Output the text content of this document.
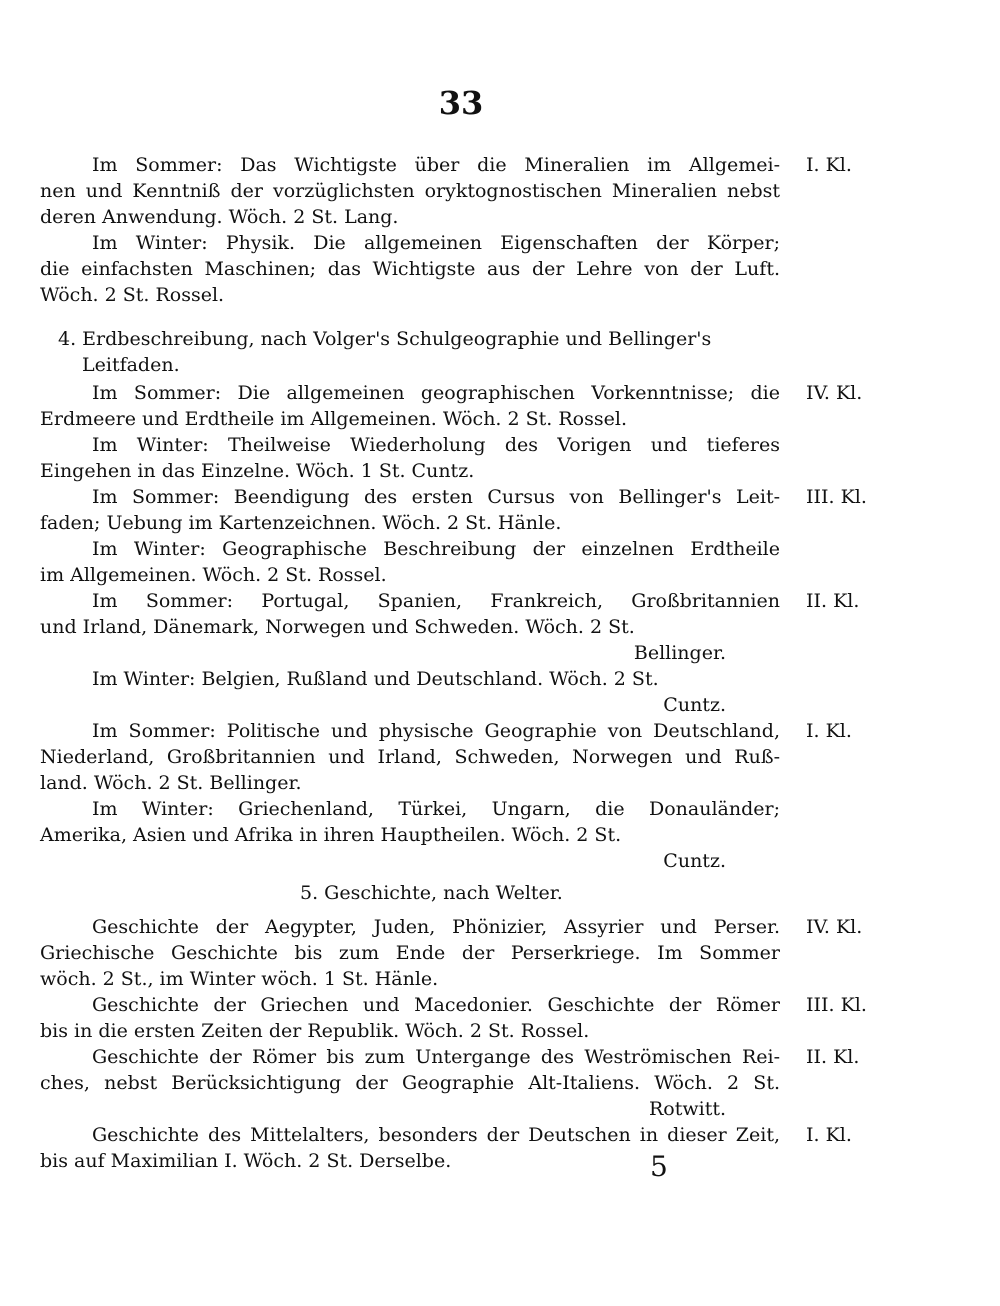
33
Im Sommer: Das Wichtigste über die Mineralien im Allgemei- I. Kl.
nen und Kenntniß der vorzüglichsten oryktognostischen Mineralien nebst
deren Anwendung. Wöch. 2 St. Lang.
Im Winter: Physik. Die allgemeinen Eigenschaften der Körper;
die einfachsten Maschinen; das Wichtigste aus der Lehre von der Luft.
Wöch. 2 St. Rossel.
4. Erdbeschreibung, nach Volger's Schulgeographie und Bellinger's
Leitfaden.
Im Sommer: Die allgemeinen geographischen Vorkenntnisse; die IV. Kl.
Erdmeere und Erdtheile im Allgemeinen. Wöch. 2 St. Rossel.
Im Winter: Theilweise Wiederholung des Vorigen und tieferes
Eingehen in das Einzelne. Wöch. 1 St. Cuntz.
Im Sommer: Beendigung des ersten Cursus von Bellinger's Leit- III. Kl.
faden; Uebung im Kartenzeichnen. Wöch. 2 St. Hänle.
Im Winter: Geographische Beschreibung der einzelnen Erdtheile
im Allgemeinen. Wöch. 2 St. Rossel.
Im Sommer: Portugal, Spanien, Frankreich, Großbritannien II. Kl.
und Irland, Dänemark, Norwegen und Schweden. Wöch. 2 St.
Bellinger.
Im Winter: Belgien, Rußland und Deutschland. Wöch. 2 St.
Cuntz.
Im Sommer: Politische und physische Geographie von Deutschland, I. Kl.
Niederland, Großbritannien und Irland, Schweden, Norwegen und Ruß-
land. Wöch. 2 St. Bellinger.
Im Winter: Griechenland, Türkei, Ungarn, die Donauländer;
Amerika, Asien und Afrika in ihren Hauptheilen. Wöch. 2 St.
Cuntz.
5. Geschichte, nach Welter.
Geschichte der Aegypter, Juden, Phönizier, Assyrier und Perser. IV. Kl.
Griechische Geschichte bis zum Ende der Perserkriege. Im Sommer
wöch. 2 St., im Winter wöch. 1 St. Hänle.
Geschichte der Griechen und Macedonier. Geschichte der Römer III. Kl.
bis in die ersten Zeiten der Republik. Wöch. 2 St. Rossel.
Geschichte der Römer bis zum Untergange des Weströmischen Rei- II. Kl.
ches, nebst Berücksichtigung der Geographie Alt-Italiens. Wöch. 2 St.
Rotwitt.
Geschichte des Mittelalters, besonders der Deutschen in dieser Zeit, I. Kl.
bis auf Maximilian I. Wöch. 2 St. Derselbe.	5
